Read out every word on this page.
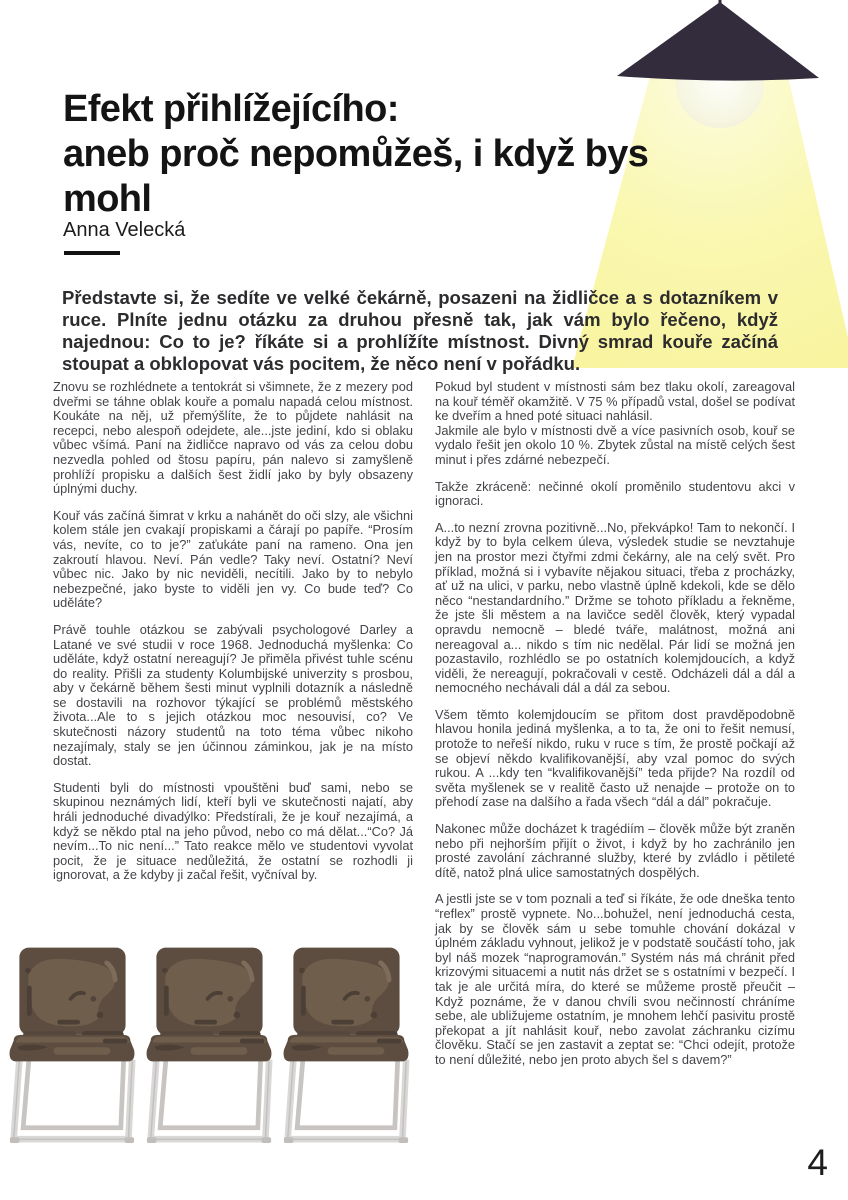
Efekt přihlížejícího:
aneb proč nepomůžeš, i když bys
mohl
Anna Velecká

Představte si, že sedíte ve velké čekárně, posazeni na židličce a s dotazníkem v ruce. Plníte jednu otázku za druhou přesně tak, jak vám bylo řečeno, když najednou: Co to je? říkáte si a prohlížíte místnost. Divný smrad kouře začíná stoupat a obklopovat vás pocitem, že něco není v pořádku.

Znovu se rozhlédnete a tentokrát si všimnete, že z mezery pod dveřmi se táhne oblak kouře a pomalu napadá celou místnost. Koukáte na něj, už přemýšlíte, že to půjdete nahlásit na recepci, nebo alespoň odejdete, ale...jste jediní, kdo si oblaku vůbec všímá. Paní na židličce napravo od vás za celou dobu nezvedla pohled od štosu papíru, pán nalevo si zamyšleně prohlíží propisku a dalších šest židlí jako by byly obsazeny úplnými duchy.

Kouř vás začíná šimrat v krku a nahánět do oči slzy, ale všichni kolem stále jen cvakají propiskami a čárají po papíře. “Prosím vás, nevíte, co to je?” zaťukáte paní na rameno. Ona jen zakroutí hlavou. Neví. Pán vedle? Taky neví. Ostatní? Neví vůbec nic. Jako by nic neviděli, necítili. Jako by to nebylo nebezpečné, jako byste to viděli jen vy. Co bude teď? Co uděláte?

Právě touhle otázkou se zabývali psychologové Darley a Latané ve své studii v roce 1968. Jednoduchá myšlenka: Co uděláte, když ostatní nereagují? Je přiměla přivést tuhle scénu do reality. Přišli za studenty Kolumbijské univerzity s prosbou, aby v čekárně během šesti minut vyplnili dotazník a následně se dostavili na rozhovor týkající se problémů městského života...Ale to s jejich otázkou moc nesouvisí, co? Ve skutečnosti názory studentů na toto téma vůbec nikoho nezajímaly, staly se jen účinnou záminkou, jak je na místo dostat.

Studenti byli do místnosti vpouštěni buď sami, nebo se skupinou neznámých lidí, kteří byli ve skutečnosti najatí, aby hráli jednoduché divadýlko: Předstírali, že je kouř nezajímá, a když se někdo ptal na jeho původ, nebo co má dělat...“Co? Já nevím...To nic není...” Tato reakce mělo ve studentovi vyvolat pocit, že je situace nedůležitá, že ostatní se rozhodli ji ignorovat, a že kdyby ji začal řešit, vyčníval by.

Pokud byl student v místnosti sám bez tlaku okolí, zareagoval na kouř téměř okamžitě. V 75 % případů vstal, došel se podívat ke dveřím a hned poté situaci nahlásil.

Jakmile ale bylo v místnosti dvě a více pasivních osob, kouř se vydalo řešit jen okolo 10 %. Zbytek zůstal na místě celých šest minut i přes zdárné nebezpečí.

Takže zkráceně: nečinné okolí proměnilo studentovu akci v ignoraci.

A...to nezní zrovna pozitivně...No, překvápko! Tam to nekončí. I když by to byla celkem úleva, výsledek studie se nevztahuje jen na prostor mezi čtyřmi zdmi čekárny, ale na celý svět. Pro příklad, možná si i vybavíte nějakou situaci, třeba z procházky, ať už na ulici, v parku, nebo vlastně úplně kdekoli, kde se dělo něco “nestandardního.” Držme se tohoto příkladu a řekněme, že jste šli městem a na lavičce seděl člověk, který vypadal opravdu nemocně – bledé tváře, malátnost, možná ani nereagoval a... nikdo s tím nic nedělal. Pár lidí se možná jen pozastavilo, rozhlédlo se po ostatních kolemjdoucích, a když viděli, že nereagují, pokračovali v cestě. Odcházeli dál a dál a nemocného nechávali dál a dál za sebou.

Všem těmto kolemjdoucím se přitom dost pravděpodobně hlavou honila jediná myšlenka, a to ta, že oni to řešit nemusí, protože to neřeší nikdo, ruku v ruce s tím, že prostě počkají až se objeví někdo kvalifikovanější, aby vzal pomoc do svých rukou. A ...kdy ten “kvalifikovanější” teda přijde? Na rozdíl od světa myšlenek se v realitě často už nenajde – protože on to přehodí zase na dalšího a řada všech “dál a dál” pokračuje.

Nakonec může docházet k tragédiím – člověk může být zraněn nebo při nejhorším přijít o život, i když by ho zachránilo jen prosté zavolání záchranné služby, které by zvládlo i pětileté dítě, natož plná ulice samostatných dospělých.

A jestli jste se v tom poznali a teď si říkáte, že ode dneška tento “reflex” prostě vypnete. No...bohužel, není jednoduchá cesta, jak by se člověk sám u sebe tomuhle chování dokázal v úplném základu vyhnout, jelikož je v podstatě součástí toho, jak byl náš mozek “naprogramován.” Systém nás má chránit před krizovými situacemi a nutit nás držet se s ostatními v bezpečí. I tak je ale určitá míra, do které se můžeme prostě přeučit – Když poznáme, že v danou chvíli svou nečinností chráníme sebe, ale ubližujeme ostatním, je mnohem lehčí pasivitu prostě překopat a jít nahlásit kouř, nebo zavolat záchranku cizímu člověku. Stačí se jen zastavit a zeptat se: “Chci odejít, protože to není důležité, nebo jen proto abych šel s davem?”

4
